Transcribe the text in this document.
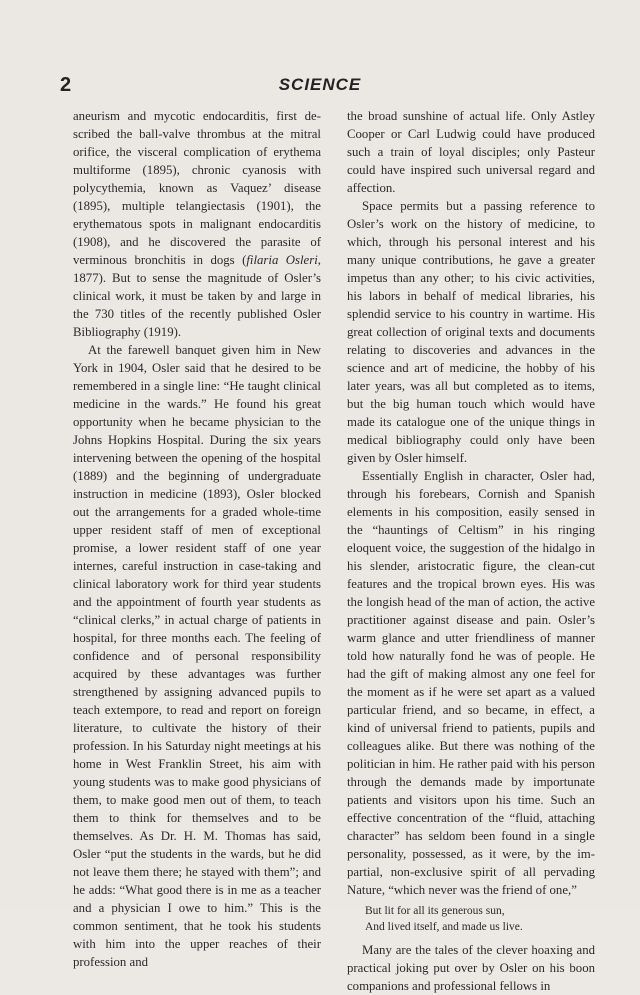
2	SCIENCE

aneurism and mycotic endocarditis, first described the ball-valve thrombus at the mitral orifice, the visceral complication of erythema multiforme (1895), chronic cyanosis with polycythemia, known as Vaquez’ disease (1895), multiple telangiectasis (1901), the erythematous spots in malignant endocarditis (1908), and he discovered the parasite of verminous bronchitis in dogs (filaria Osleri, 1877). But to sense the magnitude of Osler’s clinical work, it must be taken by and large in the 730 titles of the recently published Osler Bibliography (1919).

At the farewell banquet given him in New York in 1904, Osler said that he desired to be remembered in a single line: “He taught clinical medicine in the wards.” He found his great opportunity when he became physician to the Johns Hopkins Hospital. During the six years intervening between the opening of the hospital (1889) and the beginning of undergraduate instruction in medicine (1893), Osler blocked out the arrangements for a graded whole-time upper resident staff of men of exceptional promise, a lower resident staff of one year internes, careful instruction in case-taking and clinical laboratory work for third year students and the appointment of fourth year students as “clinical clerks,” in actual charge of patients in hospital, for three months each. The feeling of confidence and of personal responsibility acquired by these advantages was further strengthened by assigning advanced pupils to teach extempore, to read and report on foreign literature, to cultivate the history of their profession. In his Saturday night meetings at his home in West Franklin Street, his aim with young students was to make good physicians of them, to make good men out of them, to teach them to think for themselves and to be themselves. As Dr. H. M. Thomas has said, Osler “put the students in the wards, but he did not leave them there; he stayed with them”; and he adds: “What good there is in me as a teacher and a physician I owe to him.” This is the common sentiment, that he took his students with him into the upper reaches of their profession and

the broad sunshine of actual life. Only Astley Cooper or Carl Ludwig could have produced such a train of loyal disciples; only Pasteur could have inspired such universal regard and affection.

Space permits but a passing reference to Osler’s work on the history of medicine, to which, through his personal interest and his many unique contributions, he gave a greater impetus than any other; to his civic activities, his labors in behalf of medical libraries, his splendid service to his country in wartime. His great collection of original texts and documents relating to discoveries and advances in the science and art of medicine, the hobby of his later years, was all but completed as to items, but the big human touch which would have made its catalogue one of the unique things in medical bibliography could only have been given by Osler himself.

Essentially English in character, Osler had, through his forebears, Cornish and Spanish elements in his composition, easily sensed in the “hauntings of Celtism” in his ringing eloquent voice, the suggestion of the hidalgo in his slender, aristocratic figure, the clean-cut features and the tropical brown eyes. His was the longish head of the man of action, the active practitioner against disease and pain. Osler’s warm glance and utter friendliness of manner told how naturally fond he was of people. He had the gift of making almost any one feel for the moment as if he were set apart as a valued particular friend, and so became, in effect, a kind of universal friend to patients, pupils and colleagues alike. But there was nothing of the politician in him. He rather paid with his person through the demands made by importunate patients and visitors upon his time. Such an effective concentration of the “fluid, attaching character” has seldom been found in a single personality, possessed, as it were, by the impartial, non-exclusive spirit of all pervading Nature, “which never was the friend of one,”

But lit for all its generous sun,
And lived itself, and made us live.

Many are the tales of the clever hoaxing and practical joking put over by Osler on his boon companions and professional fellows in
